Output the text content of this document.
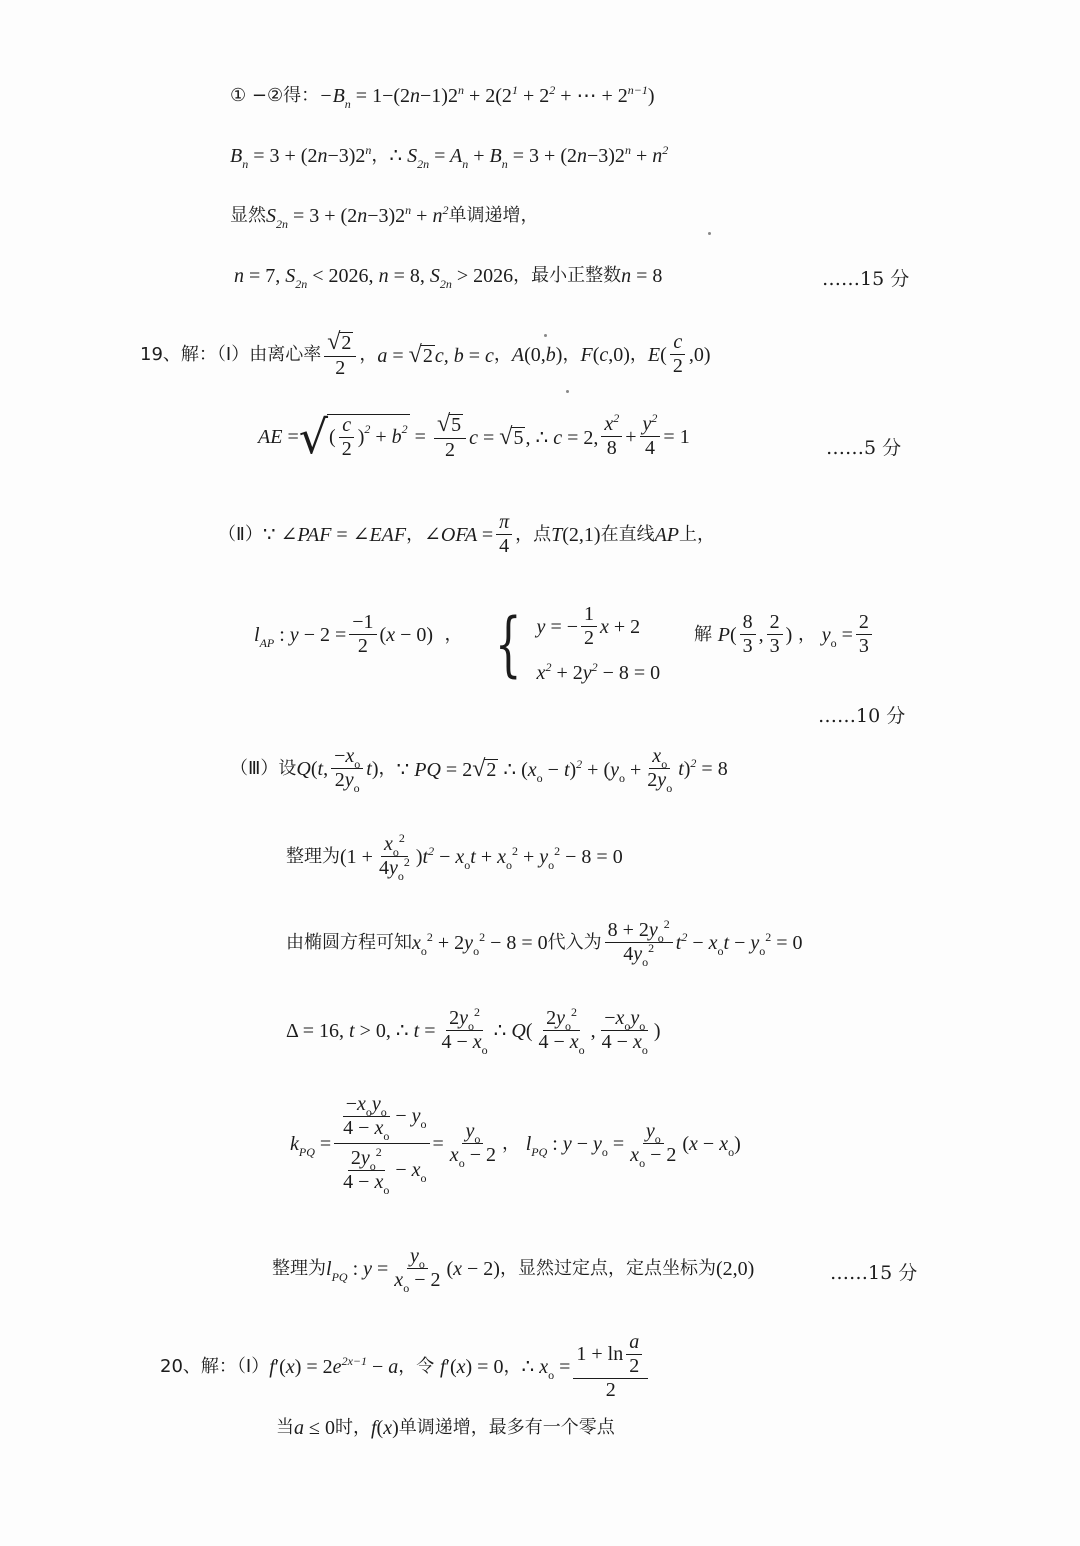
① −②得： $-B_n = 1-(2n-1)2^n + 2(2^1 + 2^2$ + ⋯ + $2^{n-1}$)
$B_n = 3 + (2n-3)2^n$ ， ∴ $S_{2n} = A_n + B_n = 3 + (2n-3)2^n + n^2$
显然 $S_{2n} = 3 + (2n-3)2^n + n^2$ 单调递增，
n = 7, $S_{2n} < 2026$, n = 8, $S_{2n} > 2026$ ，最小正整数 n = 8	……15 分
19、解：（Ⅰ）由离心率 $\frac{√2}{2}$ ， a = √2 c, b = c ， A(0,b) ， F(c,0) ， $E( \frac{c}{2} ,0)$
AE = √ ( $\frac{c}{2}$ ) 2 + b $2 = \frac{√5}{2}$ c = √5 , ∴ c = 2, $\frac{x^2}{8} + \frac{y^2}{4} = 1$
……5 分
（Ⅱ） ∵ ∠PAF = ∠EAF ， ∠OFA = $\frac{\pi}{4}$ ，点 T(2,1) 在直线 AP 上，
$l_{AP}$ : $y - 2 = \frac{-1}{2} (x - 0)$ ， { y = − $\frac{1}{2}$ x + 2
$x^2 + 2y^2 - 8 = 0$
解 $P( \frac{8}{3}$ , $\frac{2}{3}$ ) ， $y_o = \frac{2}{3}$
……10 分
（Ⅲ）设 Q(t, $\frac{-x_o}{2y_o} t$) ， ∵ PQ = 2√2 ∴ $(x_o - t)^2 + (y_o + \frac{x_o}{2y_o} t)^2 = 8$
整理为 $(1 + \frac{x_o^2}{4y_o^2} )t^2 - x_ot + x_o^2 + y_o^2 - 8 = 0$
由椭圆方程可知 $x_o^2 + 2y_o^2 - 8 = 0$ 代入为 $\frac{8 + 2y_o^2}{4y_o^2} t^2 - x_ot - y_o^2 = 0$
Δ = 16, t > 0, ∴ $t = \frac{2y_o^2}{4 - x_o}$ ∴ $Q( \frac{2y_o^2}{4 - x_o}$ , $\frac{-x_oy_o}{4 - x_o}$ )
$k_{PQ} = \frac{\frac{-x_oy_o}{4 - x_o} - y_o}{\frac{2y_o^2}{4 - x_o} - x_o} = \frac{y_o}{x_o - 2}$ ， $l_{PQ}$ : $y - y_o = \frac{y_o}{x_o - 2} (x - x_o)$
整理为 $l_{PQ}$ : $y = \frac{y_o}{x_o - 2} (x - 2)$ ，显然过定点，定点坐标为 (2,0)	……15 分
20、解：（Ⅰ） $f'(x) = 2e^{2x-1} - a$ ，令 f′(x) = 0 ， ∴ $x_o = \frac{1 + \ln \frac{a}{2}}{2}$
当 a ≤ 0 时， f(x) 单调递增，最多有一个零点
